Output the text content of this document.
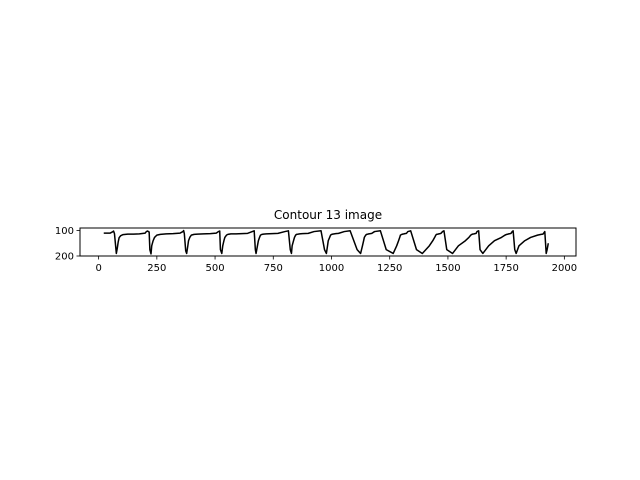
Contour 13 image
0	250	500	750	1000	1250	1500	1750	2000
100
200
